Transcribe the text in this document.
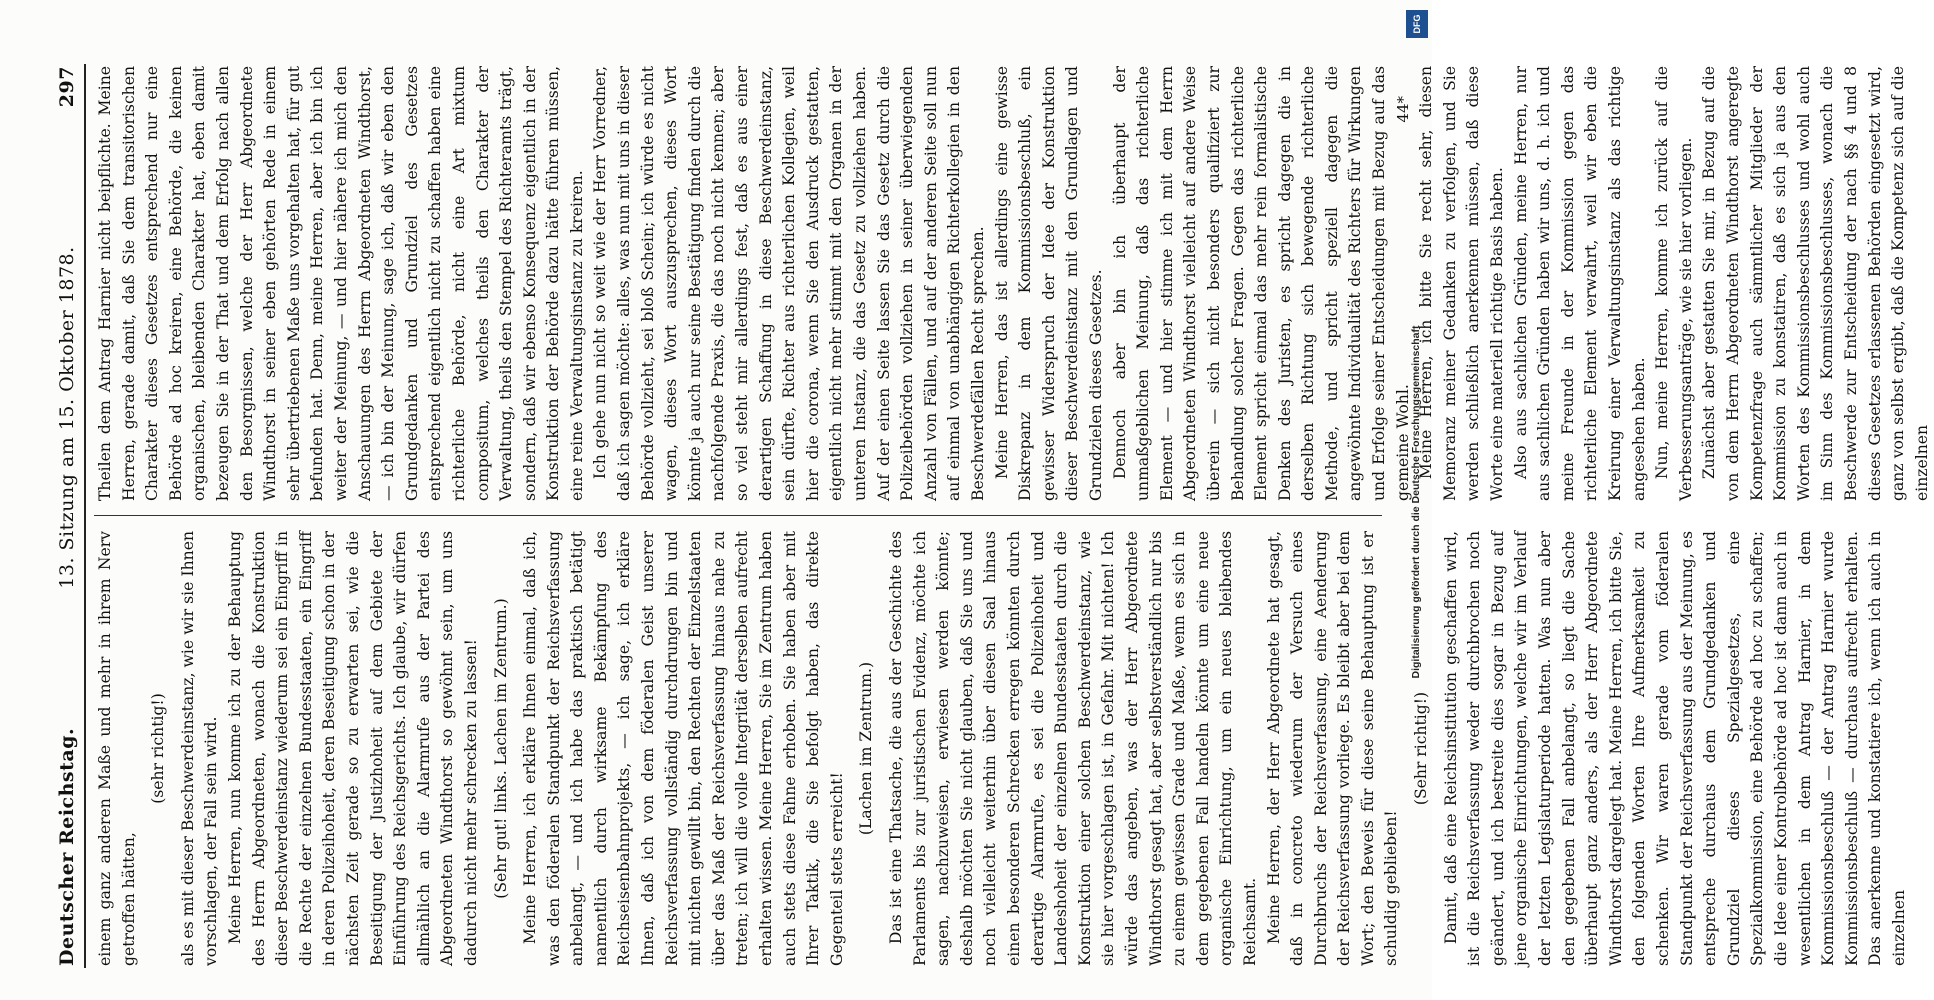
Deutscher Reichstag.
13. Sitzung am 15. Oktober 1878.
297

einem ganz anderen Maße und mehr in ihrem Nerv getroffen hätten,

(sehr richtig!) als es mit dieser Beschwerdeinstanz, wie wir sie Ihnen vorschlagen, der Fall sein wird. Meine Herren, nun komme ich zu der Behauptung des Herrn Abgeordneten, wonach die Konstruktion dieser Beschwerdeinstanz wiederum sei ein Eingriff in die Rechte der einzelnen Bundesstaaten, ein Eingriff in deren Polizeihoheit, deren Beseitigung schon in der nächsten Zeit gerade so zu erwarten sei, wie die Beseitigung der Justizhoheit auf dem Gebiete der Einführung des Reichsgerichts. Ich glaube, wir dürfen allmählich an die Alarmrufe aus der Partei des Abgeordneten Windthorst so gewöhnt sein, um uns dadurch nicht mehr schrecken zu lassen! (Sehr gut! links. Lachen im Zentrum.) Meine Herren, ich erkläre Ihnen einmal, daß ich, was den föderalen Standpunkt der Reichsverfassung anbelangt, — und ich habe das praktisch betätigt namentlich durch wirksame Bekämpfung des Reichseisenbahnprojekts, — ich sage, ich erkläre Ihnen, daß ich von dem föderalen Geist unserer Reichsverfassung vollständig durchdrungen bin und mit nichten gewillt bin, den Rechten der Einzelstaaten über das Maß der Reichsverfassung hinaus nahe zu treten; ich will die volle Integrität derselben aufrecht erhalten wissen. Meine Herren, Sie im Zentrum haben auch stets diese Fahne erhoben. Sie haben aber mit Ihrer Taktik, die Sie befolgt haben, das direkte Gegenteil stets erreicht!

(Lachen im Zentrum.) Das ist eine Thatsache, die aus der Geschichte des Parlaments bis zur juristischen Evidenz, möchte ich sagen, nachzuweisen, erwiesen werden könnte; deshalb möchten Sie nicht glauben, daß Sie uns und noch vielleicht weiterhin über diesen Saal hinaus einen besonderen Schrecken erregen könnten durch derartige Alarmrufe, es sei die Polizeihoheit und Landeshoheit der einzelnen Bundesstaaten durch die Konstruktion einer solchen Beschwerdeinstanz, wie sie hier vorgeschlagen ist, in Gefahr. Mit nichten! Ich würde das angeben, was der Herr Abgeordnete Windthorst gesagt hat, aber selbstverständlich nur bis zu einem gewissen Grade und Maße, wenn es sich in dem gegebenen Fall handeln könnte um eine neue organische Einrichtung, um ein neues bleibendes Reichsamt. Meine Herren, der Herr Abgeordnete hat gesagt, daß in concreto wiederum der Versuch eines Durchbruchs der Reichsverfassung, eine Aenderung der Reichsverfassung vorliege. Es bleibt aber bei dem Wort; den Beweis für diese seine Behauptung ist er schuldig geblieben!

(Sehr richtig!) Damit, daß eine Reichsinstitution geschaffen wird, ist die Reichsverfassung weder durchbrochen noch geändert, und ich bestreite dies sogar in Bezug auf jene organische Einrichtungen, welche wir im Verlauf der letzten Legislaturperiode hatten. Was nun aber den gegebenen Fall anbelangt, so liegt die Sache überhaupt ganz anders, als der Herr Abgeordnete Windthorst dargelegt hat. Meine Herren, ich bitte Sie, den folgenden Worten Ihre Aufmerksamkeit zu schenken. Wir waren gerade vom föderalen Standpunkt der Reichsverfassung aus der Meinung, es entspreche durchaus dem Grundgedanken und Grundziel dieses Spezialgesetzes, eine Spezialkommission, eine Behörde ad hoc zu schaffen; die Idee einer Kontrolbehörde ad hoc ist dann auch in wesentlichen in dem Antrag Harnier, in dem Kommissionsbeschluß — der Antrag Harnier wurde Kommissionsbeschluß — durchaus aufrecht erhalten. Das anerkenne und konstatiere ich, wenn ich auch in einzelnen

Theilen dem Antrag Harnier nicht beipflichte. Meine Herren, gerade damit, daß Sie dem transitorischen Charakter dieses Gesetzes entsprechend nur eine Behörde ad hoc kreiren, eine Behörde, die keinen organischen, bleibenden Charakter hat, eben damit bezeugen Sie in der That und dem Erfolg nach allen den Besorgnissen, welche der Herr Abgeordnete Windthorst in seiner eben gehörten Rede in einem sehr übertriebenen Maße uns vorgehalten hat, für gut befunden hat. Denn, meine Herren, aber ich bin ich weiter der Meinung, — und hier nähere ich mich den Anschauungen des Herrn Abgeordneten Windthorst, — ich bin der Meinung, sage ich, daß wir eben den Grundgedanken und Grundziel des Gesetzes entsprechend eigentlich nicht zu schaffen haben eine richterliche Behörde, nicht eine Art mixtum compositum, welches theils den Charakter der Verwaltung, theils den Stempel des Richteramts trägt, sondern, daß wir ebenso Konsequenz eigentlich in der Konstruktion der Behörde dazu hätte führen müssen, eine reine Verwaltungsinstanz zu kreiren. Ich gehe nun nicht so weit wie der Herr Vorredner, daß ich sagen möchte: alles, was nun mit uns in dieser Behörde vollzieht, sei bloß Schein; ich würde es nicht wagen, dieses Wort auszusprechen, dieses Wort könnte ja auch nur seine Bestätigung finden durch die nachfolgende Praxis, die das noch nicht kennen; aber so viel steht mir allerdings fest, daß es aus einer derartigen Schaffung in diese Beschwerdeinstanz, sein dürfte, Richter aus richterlichen Kollegien, weil hier die corona, wenn Sie den Ausdruck gestatten, eigentlich nicht mehr stimmt mit den Organen in der unteren Instanz, die das Gesetz zu vollziehen haben. Auf der einen Seite lassen Sie das Gesetz durch die Polizeibehörden vollziehen in seiner überwiegenden Anzahl von Fällen, und auf der anderen Seite soll nun auf einmal von unabhängigen Richterkollegien in den Beschwerdefällen Recht sprechen. Meine Herren, das ist allerdings eine gewisse Diskrepanz in dem Kommissionsbeschluß, ein gewisser Widerspruch der Idee der Konstruktion dieser Beschwerdeinstanz mit den Grundlagen und Grundzielen dieses Gesetzes. Dennoch aber bin ich überhaupt der unmaßgeblichen Meinung, daß das richterliche Element — und hier stimme ich mit dem Herrn Abgeordneten Windthorst vielleicht auf andere Weise überein — sich nicht besonders qualifiziert zur Behandlung solcher Fragen. Gegen das richterliche Element spricht einmal das mehr rein formalistische Denken des Juristen, es spricht dagegen die in derselben Richtung sich bewegende richterliche Methode, und spricht speziell dagegen die angewöhnte Individualität des Richters für Wirkungen und Erfolge seiner Entscheidungen mit Bezug auf das gemeine Wohl. Meine Herren, ich bitte Sie recht sehr, diesen Memoranz meiner Gedanken zu verfolgen, und Sie werden schließlich anerkennen müssen, daß diese Worte eine materiell richtige Basis haben. Also aus sachlichen Gründen, meine Herren, nur aus sachlichen Gründen haben wir uns, d. h. ich und meine Freunde in der Kommission gegen das richterliche Element verwahrt, weil wir eben die Kreirung einer Verwaltungsinstanz als das richtige angesehen haben. Nun, meine Herren, komme ich zurück auf die Verbesserungsanträge, wie sie hier vorliegen. Zunächst aber gestatten Sie mir, in Bezug auf die von dem Herrn Abgeordneten Windthorst angeregte Kompetenzfrage auch sämmtlicher Mitglieder der Kommission zu konstatiren, daß es sich ja aus den Worten des Kommissionsbeschlusses und wohl auch im Sinn des Kommissionsbeschlusses, wonach die Beschwerde zur Entscheidung der nach §§ 4 und 8 dieses Gesetzes erlassenen Behörden eingesetzt wird, ganz von selbst ergibt, daß die Kompetenz sich auf die einzelnen

44*
Digitalisierung gefördert durch die Deutsche Forschungsgemeinschaft
DFG
